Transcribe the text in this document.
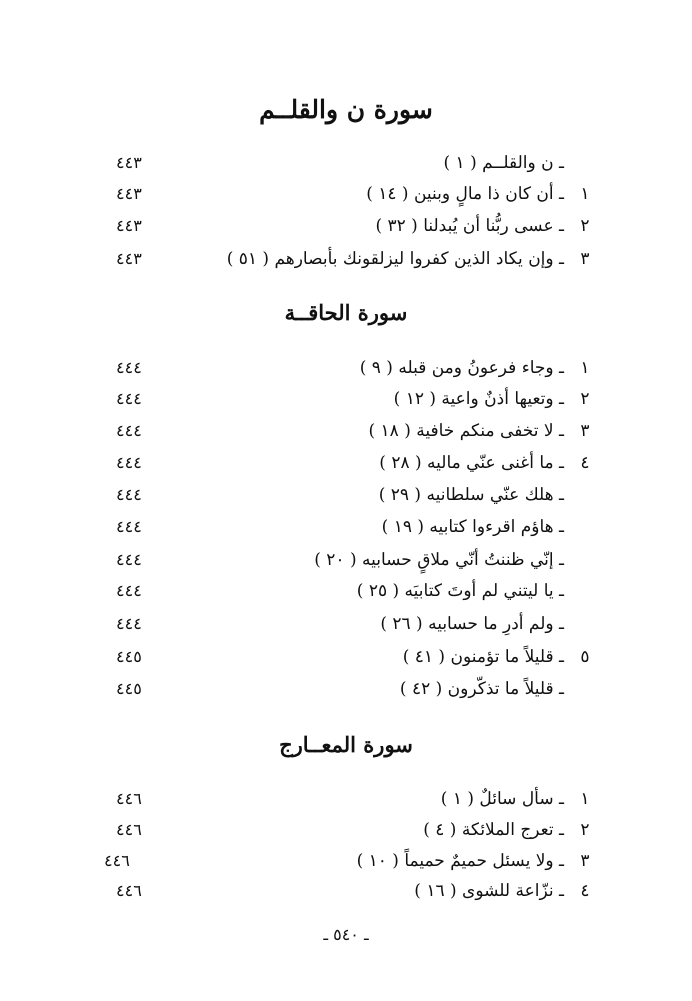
سورة ن والقلــم
ـ ن والقلــم ( ١ )
٤٤٣
١
ـ أن كان ذا مالٍ وبنين ( ١٤ )
٤٤٣
٢
ـ عسى ربُّنا أن يُبدلنا ( ٣٢ )
٤٤٣
٣
ـ وإن يكاد الذين كفروا ليزلقونك بأبصارهم ( ٥١ )
٤٤٣
سورة الحاقــة
١
ـ وجاء فرعونُ ومن قبله ( ٩ )
٤٤٤
٢
ـ وتعيها أذنٌ واعية ( ١٢ )
٤٤٤
٣
ـ لا تخفى منكم خافية ( ١٨ )
٤٤٤
٤
ـ ما أغنى عنّي ماليه ( ٢٨ )
٤٤٤
ـ هلك عنّي سلطانيه ( ٢٩ )
٤٤٤
ـ هاؤم اقرءوا كتابيه ( ١٩ )
٤٤٤
ـ إنّي ظننتُ أنّي ملاقٍ حسابيه ( ٢٠ )
٤٤٤
ـ يا ليتني لم أوتَ كتابيَه ( ٢٥ )
٤٤٤
ـ ولم أدرِ ما حسابيه ( ٢٦ )
٤٤٤
٥
ـ قليلاً ما تؤمنون ( ٤١ )
٤٤٥
ـ قليلاً ما تذكّرون ( ٤٢ )
٤٤٥
سورة المعــارج
١
ـ سأل سائلٌ ( ١ )
٤٤٦
٢
ـ تعرج الملائكة ( ٤ )
٤٤٦
٣
ـ ولا يسئل حميمٌ حميماً ( ١٠ )
٤٤٦
٤
ـ نزّاعة للشوى ( ١٦ )
٤٤٦
ـ ٥٤٠ ـ
